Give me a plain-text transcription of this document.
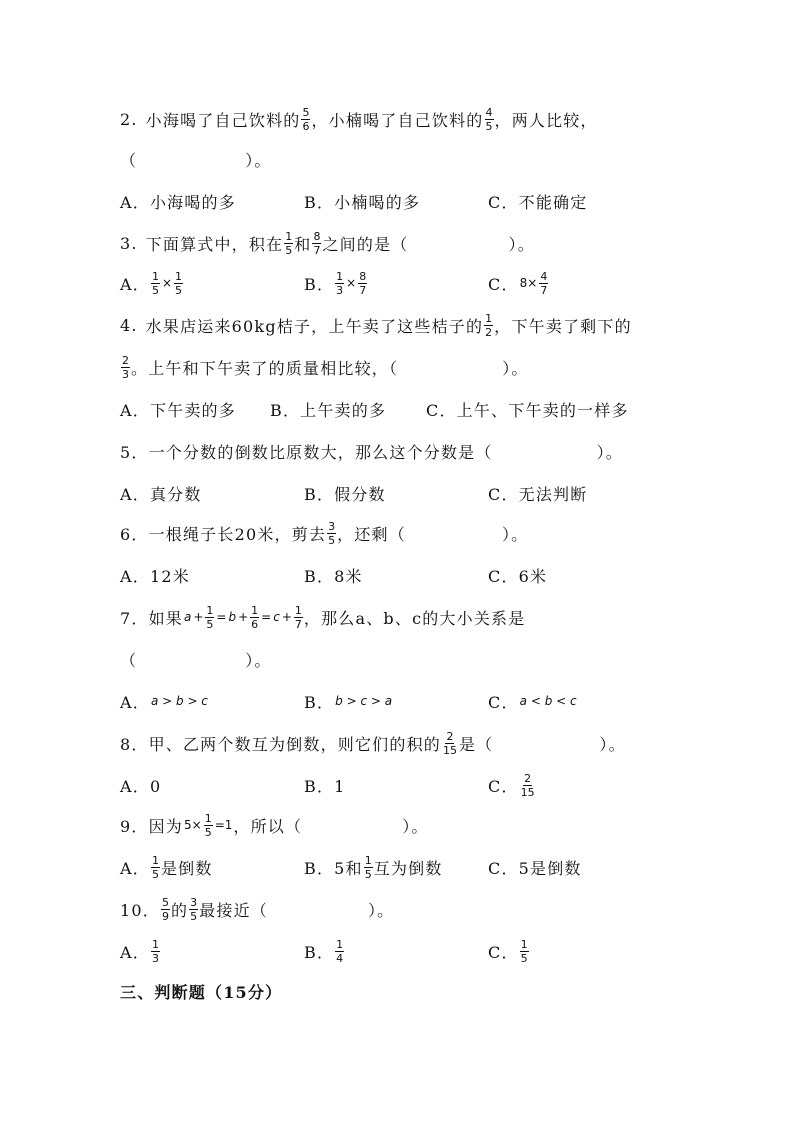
2. 小海喝了自己饮料的 $\frac{5}{6}$ ，小楠喝了自己饮料的 $\frac{4}{5}$ ，两人比较，
（	）。
A．小海喝的多	B．小楠喝的多	C．不能确定
3. 下面算式中，积在 $\frac{1}{5}$ 和 $\frac{8}{7}$ 之间的是（	）。
A． $\frac{1}{5} \times \frac{1}{5}$	B． $\frac{1}{3} \times \frac{8}{7}$	C． $8\times \frac{4}{7}$
4. 水果店运来60kg桔子，上午卖了这些桔子的 $\frac{1}{2}$ ，下午卖了剩下的
$\frac{2}{3}$ 。上午和下午卖了的质量相比较，（	）。
A．下午卖的多 B．上午卖的多 C．上午、下午卖的一样多
5．一个分数的倒数比原数大，那么这个分数是（	）。
A．真分数	B．假分数	C．无法判断
6．一根绳子长20米，剪去 $\frac{3}{5}$ ，还剩（	）。
A．12米	B．8米	C．6米
7．如果 $a + \frac{1}{5} = b + \frac{1}{6} = c + \frac{1}{7}$ ，那么a、b、c的大小关系是
（	）。
A． a > b > c	B． b > c > a	C． a < b < c
8．甲、乙两个数互为倒数，则它们的积的 $\frac{2}{15}$ 是（	）。
A．0	B．1	C． $\frac{2}{15}$
9．因为 $5\times \frac{1}{5} =1$ ，所以（	）。
A． $\frac{1}{5}$ 是倒数	B．5和 $\frac{1}{5}$ 互为倒数	C．5是倒数
10． $\frac{5}{9}$ 的 $\frac{3}{5}$ 最接近（	）。
A． $\frac{1}{3}$	B． $\frac{1}{4}$	C． $\frac{1}{5}$
三、判断题（15分）
